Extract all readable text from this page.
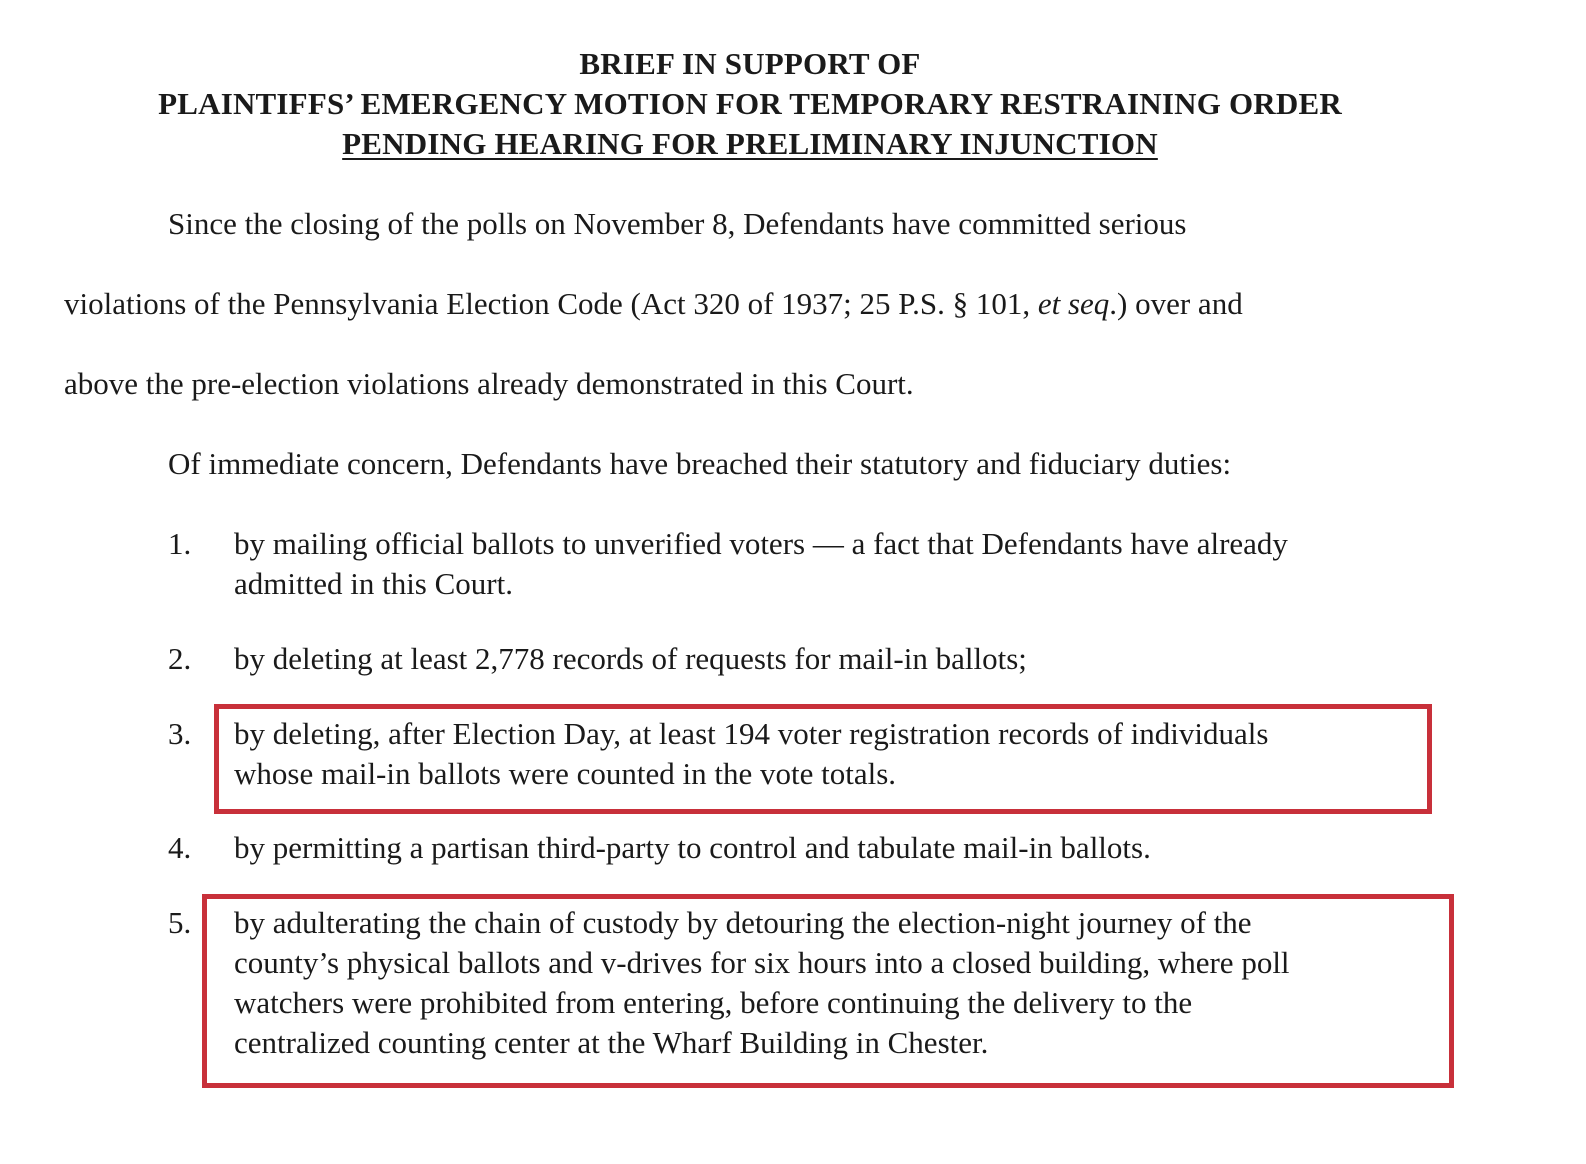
BRIEF IN SUPPORT OF
PLAINTIFFS’ EMERGENCY MOTION FOR TEMPORARY RESTRAINING ORDER
PENDING HEARING FOR PRELIMINARY INJUNCTION
Since the closing of the polls on November 8, Defendants have committed serious
violations of the Pennsylvania Election Code (Act 320 of 1937; 25 P.S. § 101, et seq.) over and
above the pre-election violations already demonstrated in this Court.
Of immediate concern, Defendants have breached their statutory and fiduciary duties:
1. by mailing official ballots to unverified voters — a fact that Defendants have already
admitted in this Court.
2. by deleting at least 2,778 records of requests for mail-in ballots;
3. by deleting, after Election Day, at least 194 voter registration records of individuals
whose mail-in ballots were counted in the vote totals.
4. by permitting a partisan third-party to control and tabulate mail-in ballots.
5. by adulterating the chain of custody by detouring the election-night journey of the
county’s physical ballots and v-drives for six hours into a closed building, where poll
watchers were prohibited from entering, before continuing the delivery to the
centralized counting center at the Wharf Building in Chester.
